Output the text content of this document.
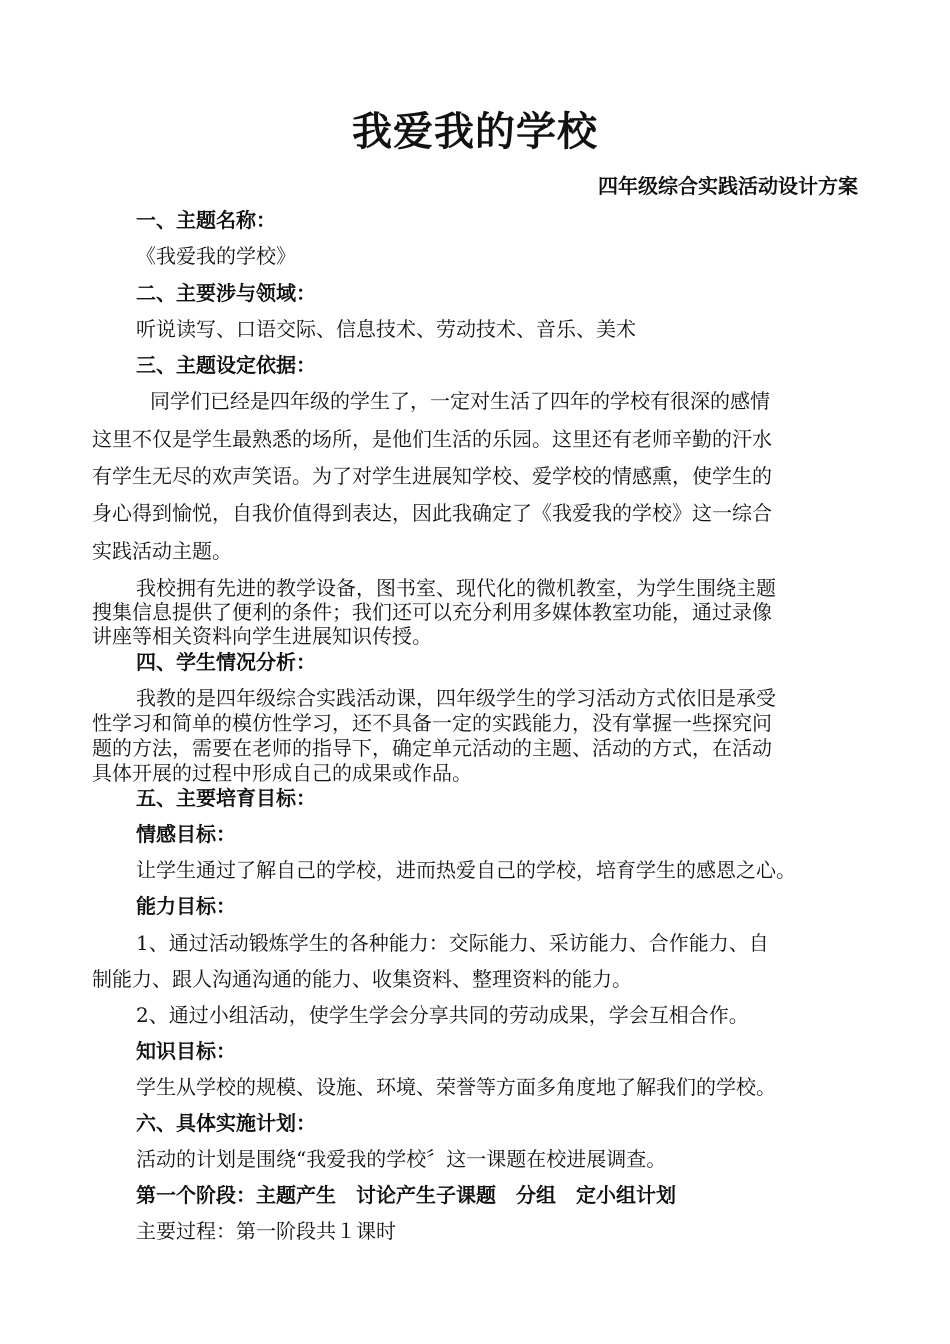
我爱我的学校
四年级综合实践活动设计方案
一、主题名称：
《我爱我的学校》
二、主要涉与领域：
听说读写、口语交际、信息技术、劳动技术、音乐、美术
三、主题设定依据：
同学们已经是四年级的学生了，一定对生活了四年的学校有很深的感情
这里不仅是学生最熟悉的场所，是他们生活的乐园。这里还有老师辛勤的汗水
有学生无尽的欢声笑语。为了对学生进展知学校、爱学校的情感熏，使学生的
身心得到愉悦，自我价值得到表达，因此我确定了《我爱我的学校》这一综合
实践活动主题。
我校拥有先进的教学设备，图书室、现代化的微机教室，为学生围绕主题
搜集信息提供了便利的条件；我们还可以充分利用多媒体教室功能，通过录像
讲座等相关资料向学生进展知识传授。
四、学生情况分析：
我教的是四年级综合实践活动课，四年级学生的学习活动方式依旧是承受
性学习和简单的模仿性学习，还不具备一定的实践能力，没有掌握一些探究问
题的方法，需要在老师的指导下，确定单元活动的主题、活动的方式，在活动
具体开展的过程中形成自己的成果或作品。
五、主要培育目标：
情感目标：
让学生通过了解自己的学校，进而热爱自己的学校，培育学生的感恩之心。
能力目标：
1、通过活动锻炼学生的各种能力：交际能力、采访能力、合作能力、自
制能力、跟人沟通沟通的能力、收集资料、整理资料的能力。
2、通过小组活动，使学生学会分享共同的劳动成果，学会互相合作。
知识目标：
学生从学校的规模、设施、环境、荣誉等方面多角度地了解我们的学校。
六、具体实施计划：
活动的计划是围绕“我爱我的学校〞这一课题在校进展调查。
第一个阶段：主题产生　讨论产生子课题　分组　定小组计划
主要过程：第一阶段共１课时
